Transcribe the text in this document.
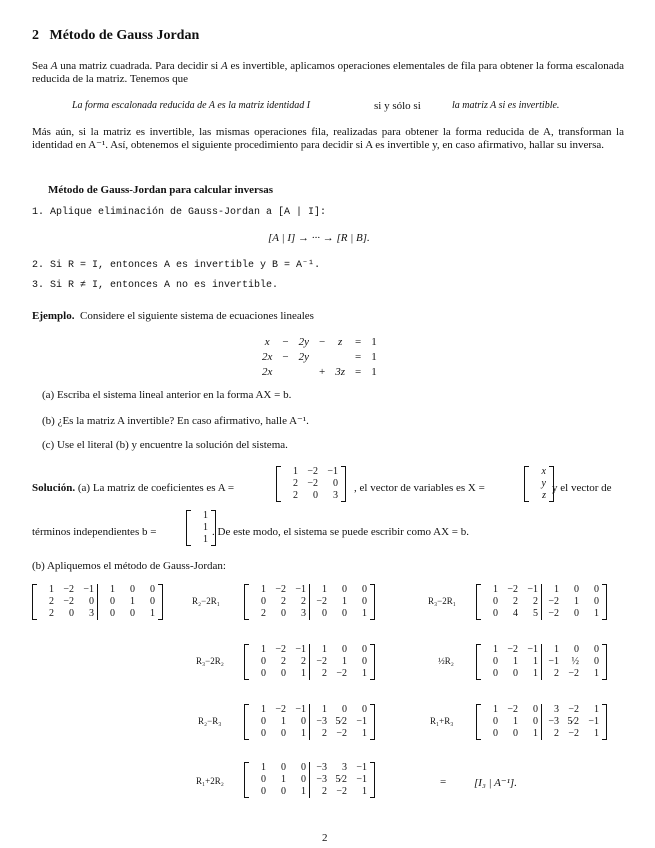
2 Método de Gauss Jordan
Sea A una matriz cuadrada. Para decidir si A es invertible, aplicamos operaciones elementales de fila para obtener la forma escalonada reducida de la matriz. Tenemos que
La forma escalonada reducida de A es la matriz identidad I	si y sólo si	la matriz A si es invertible.
Más aún, si la matriz es invertible, las mismas operaciones fila, realizadas para obtener la forma reducida de A, transforman la identidad en A⁻¹. Así, obtenemos el siguiente procedimiento para decidir si A es invertible y, en caso afirmativo, hallar su inversa.
Método de Gauss-Jordan para calcular inversas
1. Aplique eliminación de Gauss-Jordan a [A | I]:
[A | I] → ··· → [R | B].
2. Si R = I, entonces A es invertible y B = A⁻¹.
3. Si R ≠ I, entonces A no es invertible.
Ejemplo. Considere el siguiente sistema de ecuaciones lineales
x	−	2y	−	z	=	1
2x	−	2y			=	1
2x			+	3z	=	1
(a) Escriba el sistema lineal anterior en la forma AX = b.
(b) ¿Es la matriz A invertible? En caso afirmativo, halle A⁻¹.
(c) Use el literal (b) y encuentre la solución del sistema.
Solución. (a) La matriz de coeficientes es A =
1	−2	−1
2	−2	0
2	0	3
, el vector de variables es X =
x
y
z
y el vector de
términos independientes b =
1
1
1
. De este modo, el sistema se puede escribir como AX = b.
(b) Apliquemos el método de Gauss-Jordan:
1	−2	−1	1	0	0
2	−2	0	0	1	0
2	0	3	0	0	1
R₂−2R₁
1	−2	−1	1	0	0
0	2	2	−2	1	0
2	0	3	0	0	1
R₃−2R₁
1	−2	−1	1	0	0
0	2	2	−2	1	0
0	4	5	−2	0	1
R₃−2R₂
1	−2	−1	1	0	0
0	2	2	−2	1	0
0	0	1	2	−2	1
½R₂
1	−2	−1	1	0	0
0	1	1	−1	½	0
0	0	1	2	−2	1
R₂−R₃
1	−2	−1	1	0	0
0	1	0	−3	5⁄2	−1
0	0	1	2	−2	1
R₁+R₃
1	−2	0	3	−2	1
0	1	0	−3	5⁄2	−1
0	0	1	2	−2	1
R₁+2R₂
1	0	0	−3	3	−1
0	1	0	−3	5⁄2	−1
0	0	1	2	−2	1
=	[I₃ | A⁻¹].
2
